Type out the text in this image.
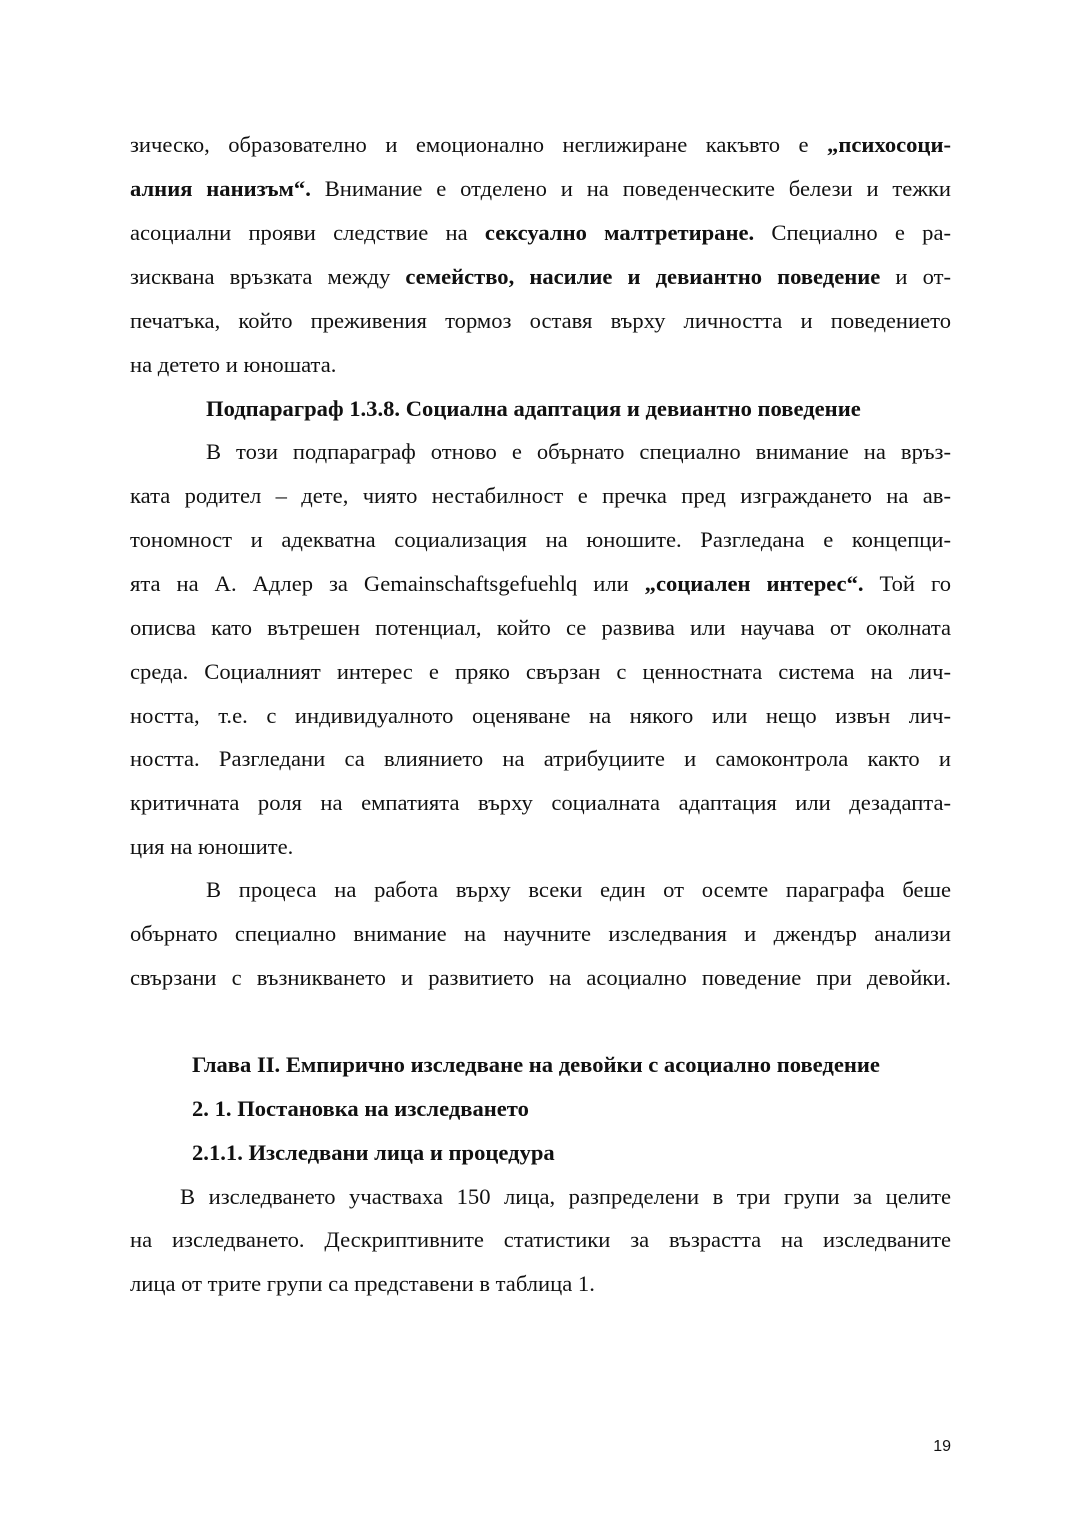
зическо, образователно и емоционално неглижиране какъвто е „психосоци-
алния нанизъм“. Внимание е отделено и на поведенческите белези и тежки
асоциални прояви следствие на сексуално малтретиране. Специално е ра-
зисквана връзката между семейство, насилие и девиантно поведение и от-
печатъка, който преживения тормоз оставя върху личността и поведението
на детето и юношата.
Подпараграф 1.3.8. Социална адаптация и девиантно поведение
В този подпараграф отново е обърнато специално внимание на връз-
ката родител – дете, чиято нестабилност е пречка пред изграждането на ав-
тономност и адекватна социализация на юношите. Разгледана е концепци-
ята на А. Адлер за Gemainschaftsgefuehlq или „социален интерес“. Той го
описва като вътрешен потенциал, който се развива или научава от околната
среда. Социалният интерес е пряко свързан с ценностната система на лич-
ността, т.е. с индивидуалното оценяване на някого или нещо извън лич-
ността. Разгледани са влиянието на атрибуциите и самоконтрола както и
критичната роля на емпатията върху социалната адаптация или дезадапта-
ция на юношите.
В процеса на работа върху всеки един от осемте параграфа беше
обърнато специално внимание на научните изследвания и джендър анализи
свързани с възникването и развитието на асоциално поведение при девойки.
Глава II. Емпирично изследване на девойки с асоциално поведение
2. 1. Постановка на изследването
2.1.1. Изследвани лица и процедура
В изследването участваха 150 лица, разпределени в три групи за целите
на изследването. Дескриптивните статистики за възрастта на изследваните
лица от трите групи са представени в таблица 1.
19
